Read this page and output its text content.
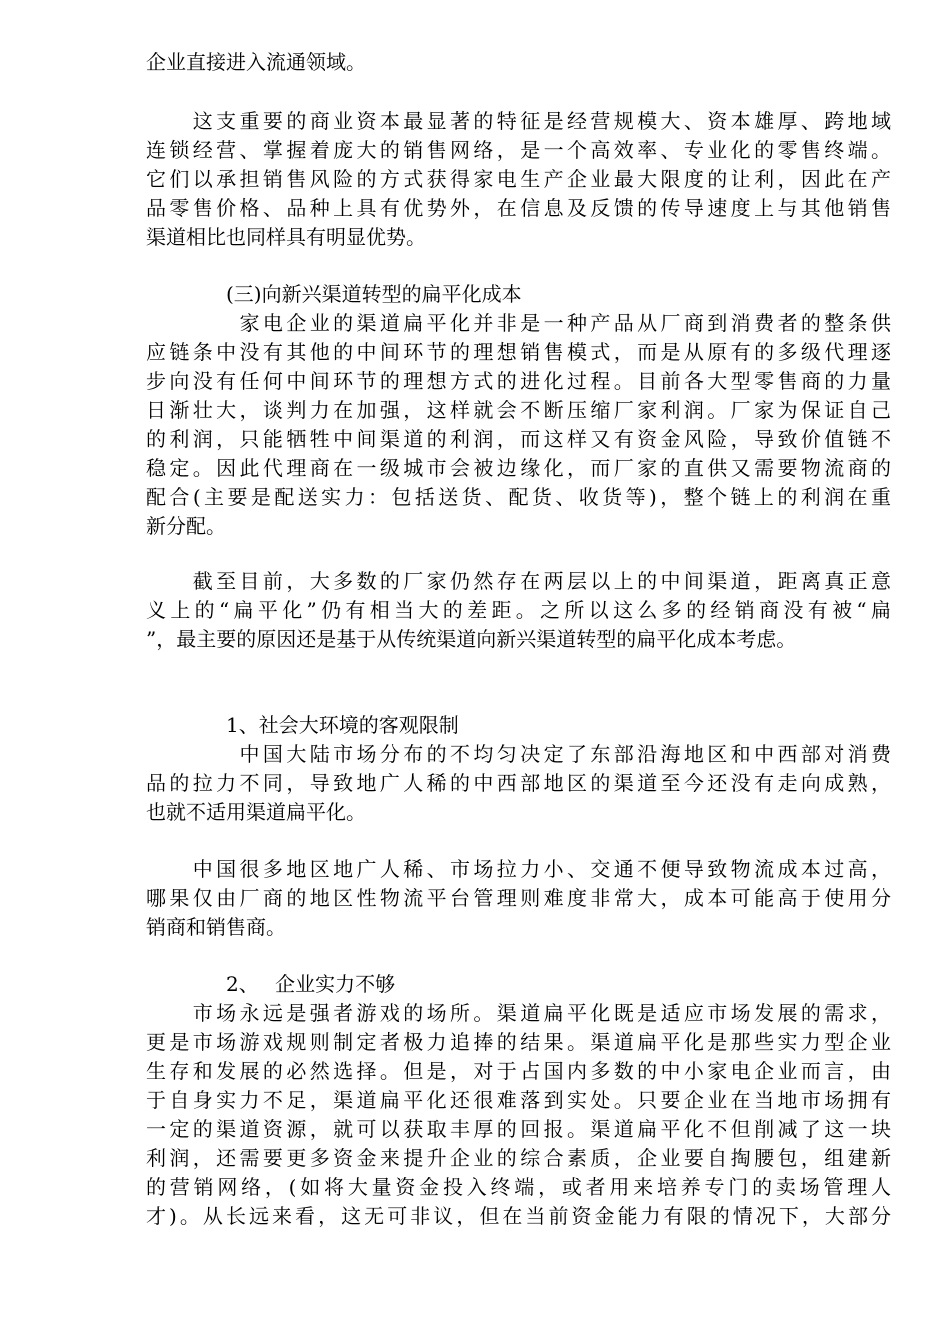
企业直接进入流通领域。
　　这支重要的商业资本最显著的特征是经营规模大、资本雄厚、跨地域
连锁经营、掌握着庞大的销售网络，是一个高效率、专业化的零售终端。
它们以承担销售风险的方式获得家电生产企业最大限度的让利，因此在产
品零售价格、品种上具有优势外，在信息及反馈的传导速度上与其他销售
渠道相比也同样具有明显优势。
　　　　(三)向新兴渠道转型的扁平化成本
　　　　家电企业的渠道扁平化并非是一种产品从厂商到消费者的整条供
应链条中没有其他的中间环节的理想销售模式，而是从原有的多级代理逐
步向没有任何中间环节的理想方式的进化过程。目前各大型零售商的力量
日渐壮大，谈判力在加强，这样就会不断压缩厂家利润。厂家为保证自己
的利润，只能牺牲中间渠道的利润，而这样又有资金风险，导致价值链不
稳定。因此代理商在一级城市会被边缘化，而厂家的直供又需要物流商的
配合(主要是配送实力：包括送货、配货、收货等)，整个链上的利润在重
新分配。
　　截至目前，大多数的厂家仍然存在两层以上的中间渠道，距离真正意
义上的“扁平化”仍有相当大的差距。之所以这么多的经销商没有被“扁
”，最主要的原因还是基于从传统渠道向新兴渠道转型的扁平化成本考虑。
　　　　1、社会大环境的客观限制
　　　　中国大陆市场分布的不均匀决定了东部沿海地区和中西部对消费
品的拉力不同，导致地广人稀的中西部地区的渠道至今还没有走向成熟，
也就不适用渠道扁平化。
　　中国很多地区地广人稀、市场拉力小、交通不便导致物流成本过高，
哪果仅由厂商的地区性物流平台管理则难度非常大，成本可能高于使用分
销商和销售商。
　　　　2、　 企业实力不够
　　市场永远是强者游戏的场所。渠道扁平化既是适应市场发展的需求，
更是市场游戏规则制定者极力追捧的结果。渠道扁平化是那些实力型企业
生存和发展的必然选择。但是，对于占国内多数的中小家电企业而言，由
于自身实力不足，渠道扁平化还很难落到实处。只要企业在当地市场拥有
一定的渠道资源，就可以获取丰厚的回报。渠道扁平化不但削减了这一块
利润，还需要更多资金来提升企业的综合素质，企业要自掏腰包，组建新
的营销网络，(如将大量资金投入终端，或者用来培养专门的卖场管理人
才)。从长远来看，这无可非议，但在当前资金能力有限的情况下，大部分
